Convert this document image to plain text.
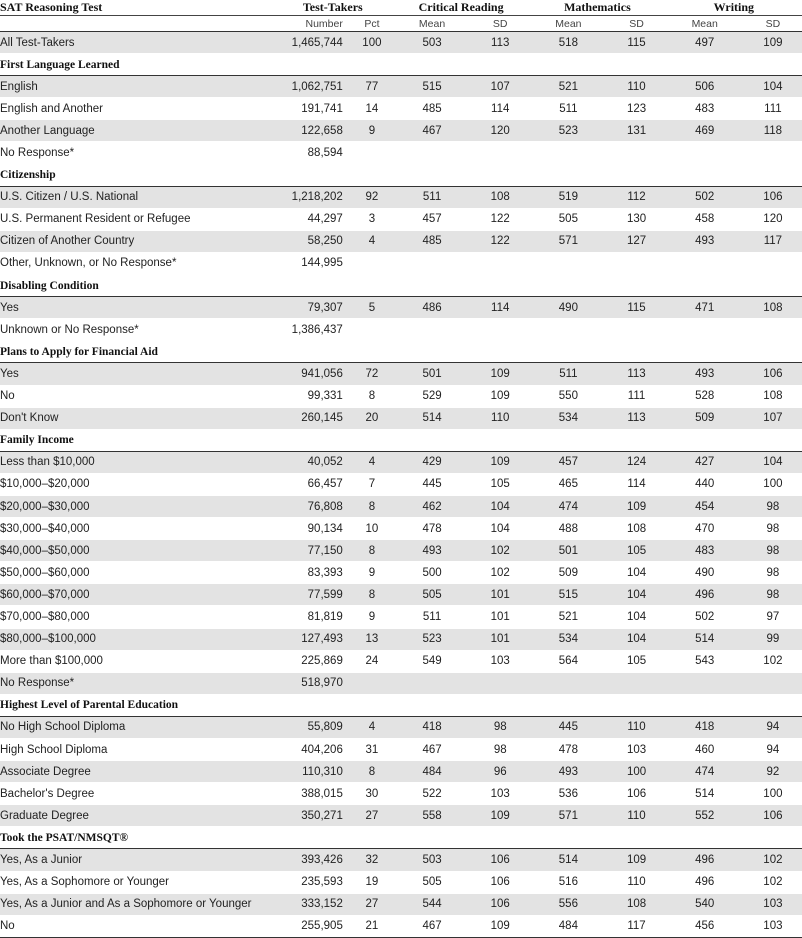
SAT Reasoning Test	Test-Takers		Critical Reading		Mathematics		Writing	
	Number	Pct	Mean	SD	Mean	SD	Mean	SD
All Test-Takers	1,465,744	100	503	113	518	115	497	109
First Language Learned								
English	1,062,751	77	515	107	521	110	506	104
English and Another	191,741	14	485	114	511	123	483	111
Another Language	122,658	9	467	120	523	131	469	118
No Response*	88,594							
Citizenship								
U.S. Citizen / U.S. National	1,218,202	92	511	108	519	112	502	106
U.S. Permanent Resident or Refugee	44,297	3	457	122	505	130	458	120
Citizen of Another Country	58,250	4	485	122	571	127	493	117
Other, Unknown, or No Response*	144,995							
Disabling Condition								
Yes	79,307	5	486	114	490	115	471	108
Unknown or No Response*	1,386,437							
Plans to Apply for Financial Aid								
Yes	941,056	72	501	109	511	113	493	106
No	99,331	8	529	109	550	111	528	108
Don't Know	260,145	20	514	110	534	113	509	107
Family Income								
Less than $10,000	40,052	4	429	109	457	124	427	104
$10,000–$20,000	66,457	7	445	105	465	114	440	100
$20,000–$30,000	76,808	8	462	104	474	109	454	98
$30,000–$40,000	90,134	10	478	104	488	108	470	98
$40,000–$50,000	77,150	8	493	102	501	105	483	98
$50,000–$60,000	83,393	9	500	102	509	104	490	98
$60,000–$70,000	77,599	8	505	101	515	104	496	98
$70,000–$80,000	81,819	9	511	101	521	104	502	97
$80,000–$100,000	127,493	13	523	101	534	104	514	99
More than $100,000	225,869	24	549	103	564	105	543	102
No Response*	518,970							
Highest Level of Parental Education								
No High School Diploma	55,809	4	418	98	445	110	418	94
High School Diploma	404,206	31	467	98	478	103	460	94
Associate Degree	110,310	8	484	96	493	100	474	92
Bachelor's Degree	388,015	30	522	103	536	106	514	100
Graduate Degree	350,271	27	558	109	571	110	552	106
Took the PSAT/NMSQT®								
Yes, As a Junior	393,426	32	503	106	514	109	496	102
Yes, As a Sophomore or Younger	235,593	19	505	106	516	110	496	102
Yes, As a Junior and As a Sophomore or Younger	333,152	27	544	106	556	108	540	103
No	255,905	21	467	109	484	117	456	103
